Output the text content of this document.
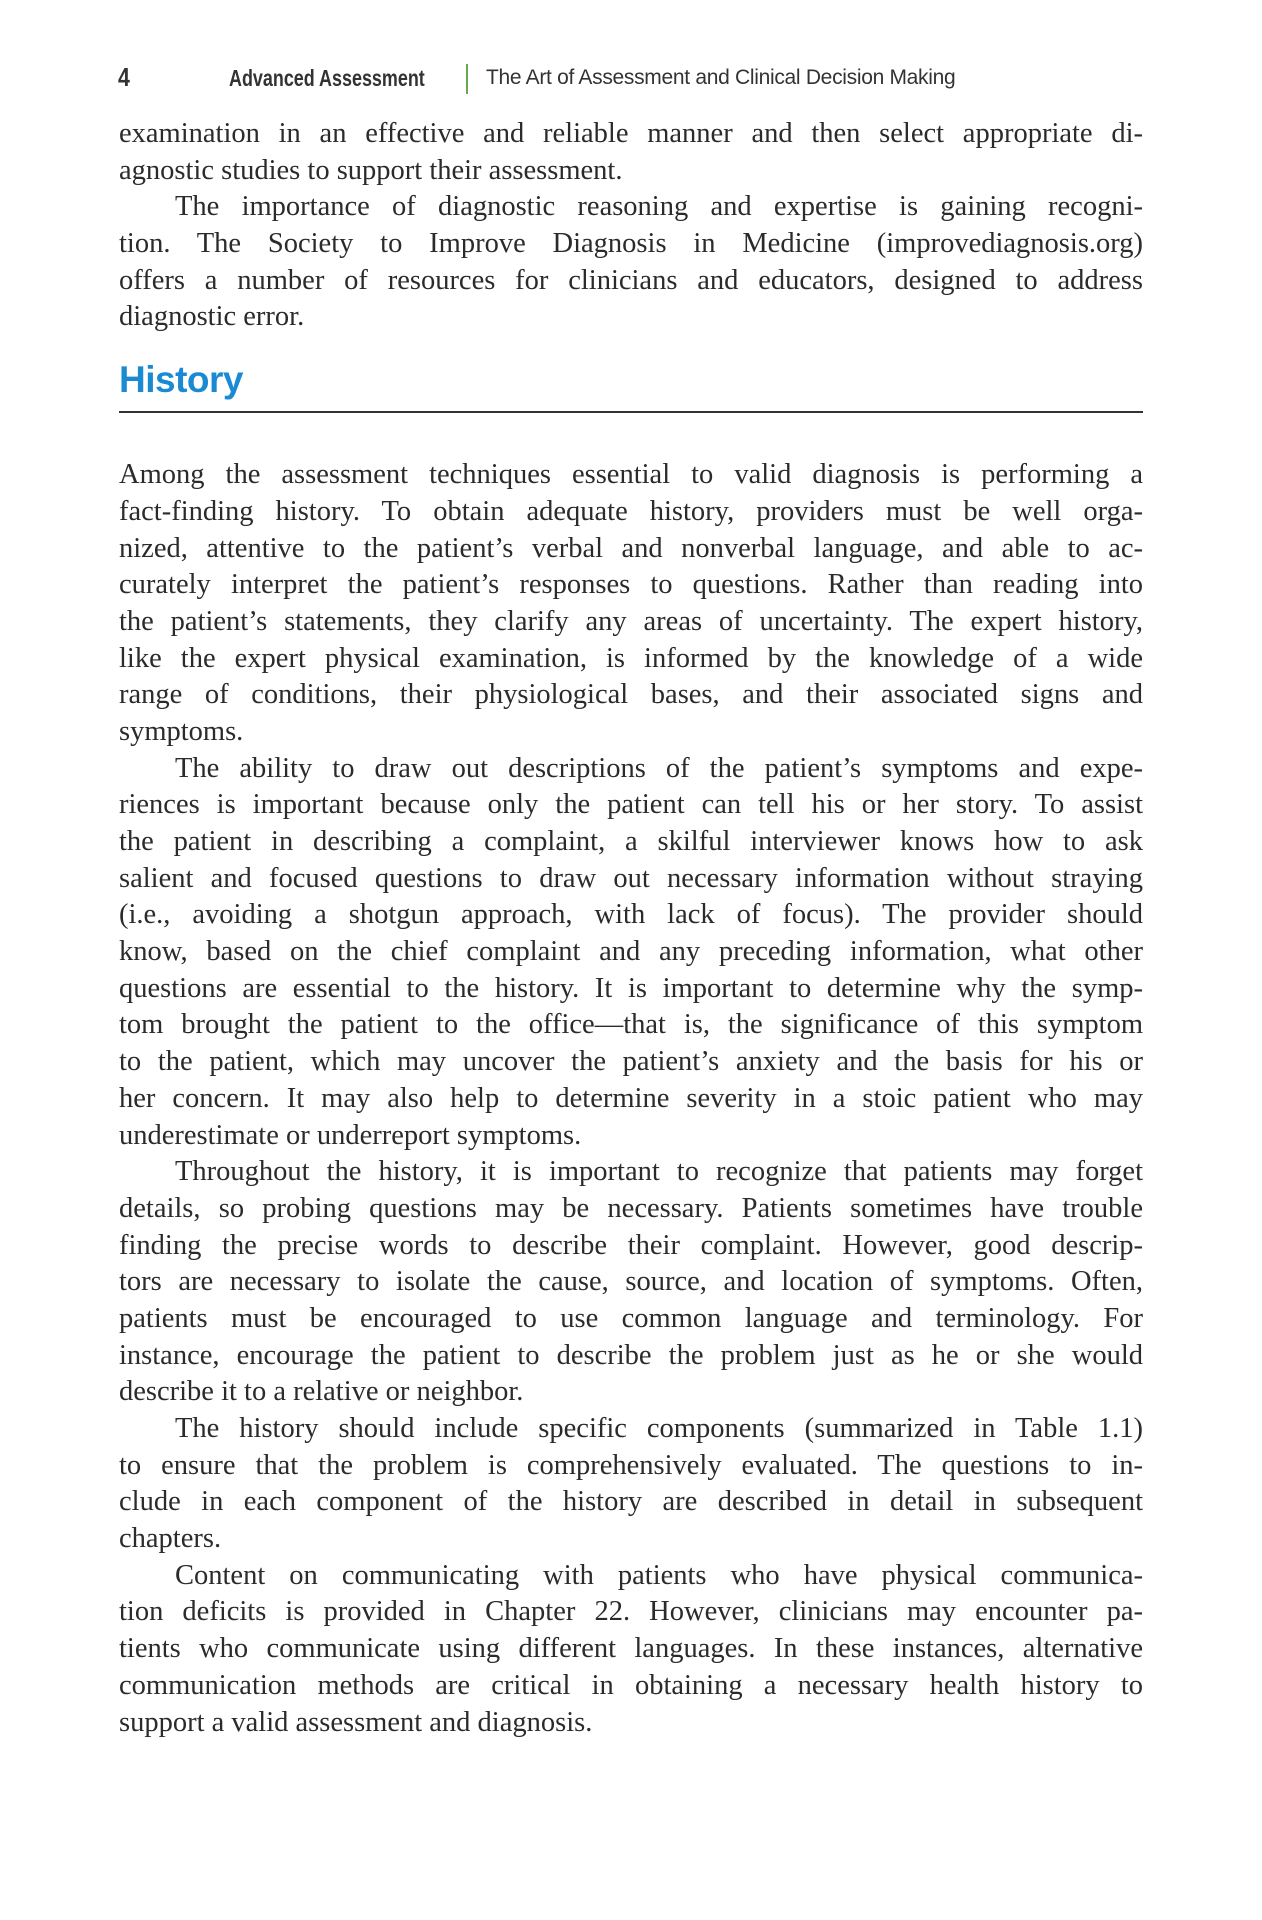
4	Advanced Assessment	The Art of Assessment and Clinical Decision Making

examination in an effective and reliable manner and then select appropriate di-
agnostic studies to support their assessment.

The importance of diagnostic reasoning and expertise is gaining recogni-
tion. The Society to Improve Diagnosis in Medicine (improvediagnosis.org)
offers a number of resources for clinicians and educators, designed to address
diagnostic error.

History

Among the assessment techniques essential to valid diagnosis is performing a
fact-finding history. To obtain adequate history, providers must be well orga-
nized, attentive to the patient’s verbal and nonverbal language, and able to ac-
curately interpret the patient’s responses to questions. Rather than reading into
the patient’s statements, they clarify any areas of uncertainty. The expert history,
like the expert physical examination, is informed by the knowledge of a wide
range of conditions, their physiological bases, and their associated signs and
symptoms.

The ability to draw out descriptions of the patient’s symptoms and expe-
riences is important because only the patient can tell his or her story. To assist
the patient in describing a complaint, a skilful interviewer knows how to ask
salient and focused questions to draw out necessary information without straying
(i.e., avoiding a shotgun approach, with lack of focus). The provider should
know, based on the chief complaint and any preceding information, what other
questions are essential to the history. It is important to determine why the symp-
tom brought the patient to the office—that is, the significance of this symptom
to the patient, which may uncover the patient’s anxiety and the basis for his or
her concern. It may also help to determine severity in a stoic patient who may
underestimate or underreport symptoms.

Throughout the history, it is important to recognize that patients may forget
details, so probing questions may be necessary. Patients sometimes have trouble
finding the precise words to describe their complaint. However, good descrip-
tors are necessary to isolate the cause, source, and location of symptoms. Often,
patients must be encouraged to use common language and terminology. For
instance, encourage the patient to describe the problem just as he or she would
describe it to a relative or neighbor.

The history should include specific components (summarized in Table 1.1)
to ensure that the problem is comprehensively evaluated. The questions to in-
clude in each component of the history are described in detail in subsequent
chapters.

Content on communicating with patients who have physical communica-
tion deficits is provided in Chapter 22. However, clinicians may encounter pa-
tients who communicate using different languages. In these instances, alternative
communication methods are critical in obtaining a necessary health history to
support a valid assessment and diagnosis.
